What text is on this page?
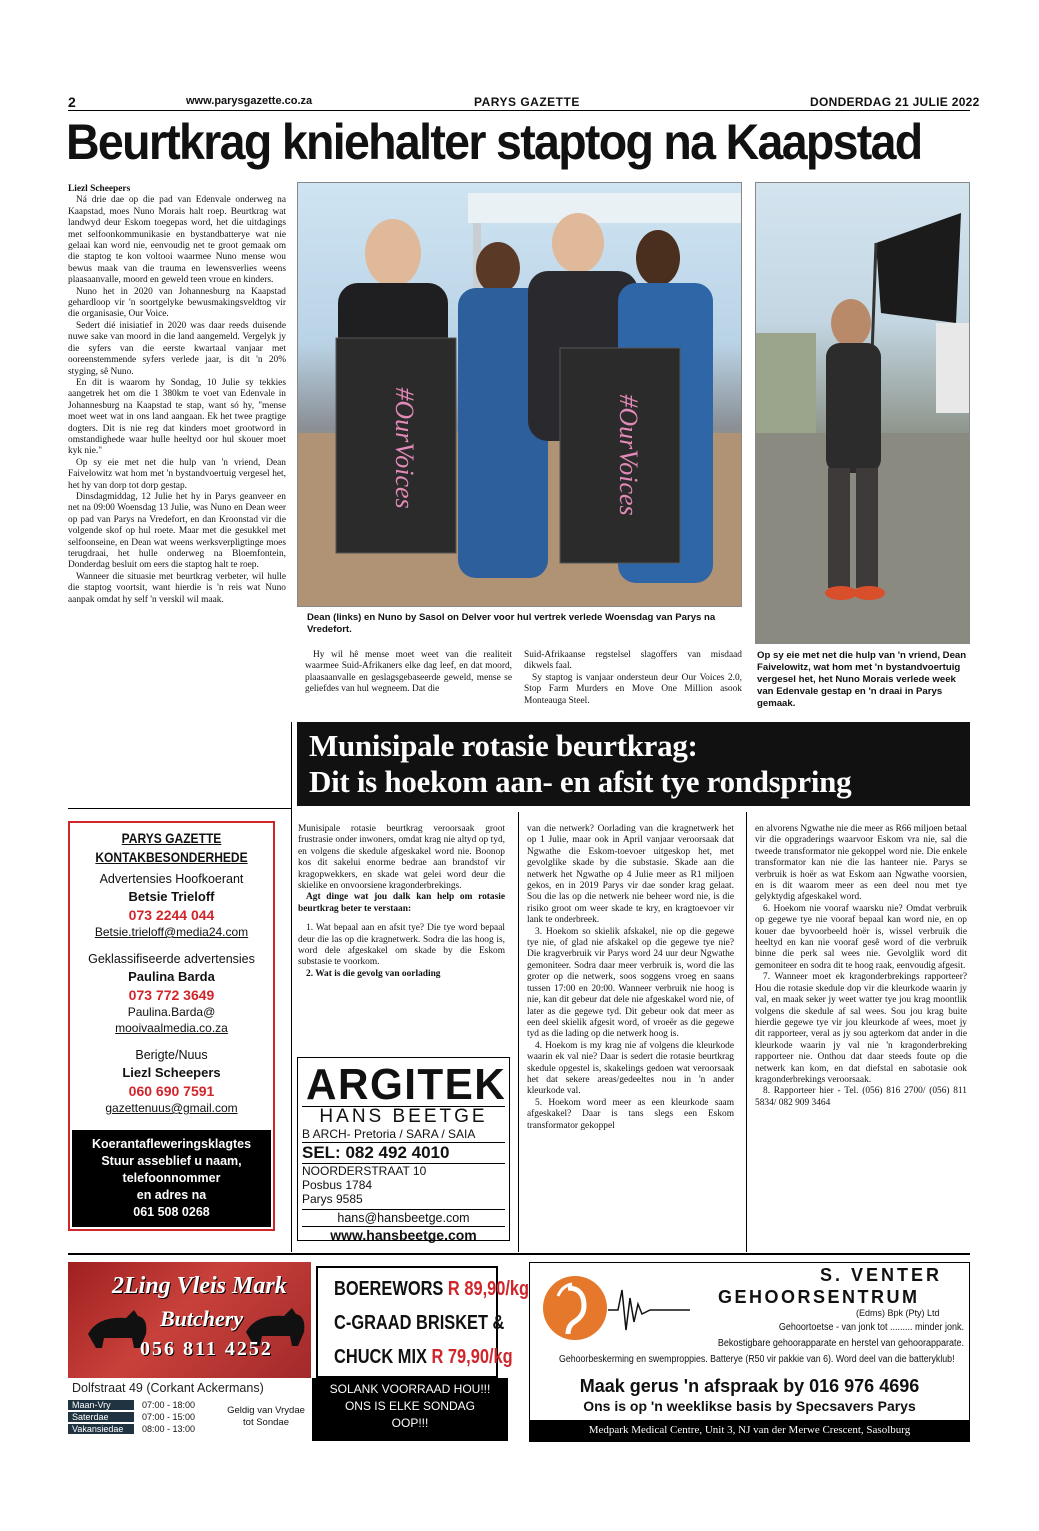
2	www.parysgazette.co.za	PARYS GAZETTE	DONDERDAG 21 JULIE 2022
Beurtkrag kniehalter staptog na Kaapstad

Liezl Scheepers

Ná drie dae op die pad van Edenvale onderweg na Kaapstad, moes Nuno Morais halt roep. Beurtkrag wat landwyd deur Eskom toegepas word, het die uitdagings met selfoonkommunikasie en bystandbatterye wat nie gelaai kan word nie, eenvoudig net te groot gemaak om die staptog te kon voltooi waarmee Nuno mense wou bewus maak van die trauma en lewensverlies weens plaasaanvalle, moord en geweld teen vroue en kinders.

Nuno het in 2020 van Johannesburg na Kaapstad gehardloop vir 'n soortgelyke bewusmakingsveldtog vir die organisasie, Our Voice.

Sedert dié inisiatief in 2020 was daar reeds duisende nuwe sake van moord in die land aangemeld. Vergelyk jy die syfers van die eerste kwartaal vanjaar met ooreenstemmende syfers verlede jaar, is dit 'n 20% styging, sê Nuno.

En dit is waarom hy Sondag, 10 Julie sy tekkies aangetrek het om die 1 380km te voet van Edenvale in Johannesburg na Kaapstad te stap, want só hy, "mense moet weet wat in ons land aangaan. Ek het twee pragtige dogters. Dit is nie reg dat kinders moet grootword in omstandighede waar hulle heeltyd oor hul skouer moet kyk nie."

Op sy eie met net die hulp van 'n vriend, Dean Faivelowitz wat hom met 'n bystandvoertuig vergesel het, het hy van dorp tot dorp gestap.

Dinsdagmiddag, 12 Julie het hy in Parys geanveer en net na 09:00 Woensdag 13 Julie, was Nuno en Dean weer op pad van Parys na Vredefort, en dan Kroonstad vir die volgende skof op hul roete. Maar met die gesukkel met selfoonseine, en Dean wat weens werksverpligtinge moes terugdraai, het hulle onderweg na Bloemfontein, Donderdag besluit om eers die staptog halt te roep.

Wanneer die situasie met beurtkrag verbeter, wil hulle die staptog voortsit, want hierdie is 'n reis wat Nuno aanpak omdat hy self 'n verskil wil maak.

#OurVoices	#OurVoices
Dean (links) en Nuno by Sasol on Delver voor hul vertrek verlede Woensdag van Parys na Vredefort.
Op sy eie met net die hulp van 'n vriend, Dean Faivelowitz, wat hom met 'n bystandvoertuig vergesel het, het Nuno Morais verlede week van Edenvale gestap en 'n draai in Parys gemaak.

Hy wil hê mense moet weet van die realiteit waarmee Suid-Afrikaners elke dag leef, en dat moord, plaasaanvalle en geslagsgebaseerde geweld, mense se geliefdes van hul wegneem. Dat die

Suid-Afrikaanse regstelsel slagoffers van misdaad dikwels faal.

Sy staptog is vanjaar ondersteun deur Our Voices 2.0, Stop Farm Murders en Move One Million asook Monteauga Steel.

Munisipale rotasie beurtkrag:
Dit is hoekom aan- en afsit tye rondspring
PARYS GAZETTE
KONTAKBESONDERHEDE
Advertensies Hoofkoerant
Betsie Trieloff
073 2244 044
Betsie.trieloff@media24.com
Geklassifiseerde advertensies
Paulina Barda
073 772 3649
Paulina.Barda@
mooivaalmedia.co.za
Berigte/Nuus
Liezl Scheepers
060 690 7591
gazettenuus@gmail.com
Koerantafleweringsklagtes
Stuur asseblief u naam,
telefoonnommer
en adres na
061 508 0268

Munisipale rotasie beurtkrag veroorsaak groot frustrasie onder inwoners, omdat krag nie altyd op tyd, en volgens die skedule afgeskakel word nie. Boonop kos dit sakelui enorme bedrae aan brandstof vir kragopwekkers, en skade wat gelei word deur die skielike en onvoorsiene kragonderbrekings.

Agt dinge wat jou dalk kan help om rotasie beurtkrag beter te verstaan:

1. Wat bepaal aan en afsit tye? Die tye word bepaal deur die las op die kragnetwerk. Sodra die las hoog is, word dele afgeskakel om skade by die Eskom substasie te voorkom.

2. Wat is die gevolg van oorlading

van die netwerk? Oorlading van die kragnetwerk het op 1 Julie, maar ook in April vanjaar veroorsaak dat Ngwathe die Eskom-toevoer uitgeskop het, met gevolglike skade by die substasie. Skade aan die netwerk het Ngwathe op 4 Julie meer as R1 miljoen gekos, en in 2019 Parys vir dae sonder krag gelaat. Sou die las op die netwerk nie beheer word nie, is die risiko groot om weer skade te kry, en kragtoevoer vir lank te onderbreek.

3. Hoekom so skielik afskakel, nie op die gegewe tye nie, of glad nie afskakel op die gegewe tye nie? Die kragverbruik vir Parys word 24 uur deur Ngwathe gemoniteer. Sodra daar meer verbruik is, word die las groter op die netwerk, soos soggens vroeg en saans tussen 17:00 en 20:00. Wanneer verbruik nie hoog is nie, kan dit gebeur dat dele nie afgeskakel word nie, of later as die gegewe tyd. Dit gebeur ook dat meer as een deel skielik afgesit word, of vroeër as die gegewe tyd as die lading op die netwerk hoog is.

4. Hoekom is my krag nie af volgens die kleurkode waarin ek val nie? Daar is sedert die rotasie beurtkrag skedule opgestel is, skakelings gedoen wat veroorsaak het dat sekere areas/gedeeltes nou in 'n ander kleurkode val.

5. Hoekom word meer as een kleurkode saam afgeskakel? Daar is tans slegs een Eskom transformator gekoppel

en alvorens Ngwathe nie die meer as R66 miljoen betaal vir die opgraderings waarvoor Eskom vra nie, sal die tweede transformator nie gekoppel word nie. Die enkele transformator kan nie die las hanteer nie. Parys se verbruik is hoër as wat Eskom aan Ngwathe voorsien, en is dit waarom meer as een deel nou met tye gelyktydig afgeskakel word.

6. Hoekom nie vooraf waarsku nie? Omdat verbruik op gegewe tye nie vooraf bepaal kan word nie, en op kouer dae byvoorbeeld hoër is, wissel verbruik die heeltyd en kan nie vooraf gesê word of die verbruik binne die perk sal wees nie. Gevolglik word dit gemoniteer en sodra dit te hoog raak, eenvoudig afgesit.

7. Wanneer moet ek kragonderbrekings rapporteer? Hou die rotasie skedule dop vir die kleurkode waarin jy val, en maak seker jy weet watter tye jou krag moontlik volgens die skedule af sal wees. Sou jou krag buite hierdie gegewe tye vir jou kleurkode af wees, moet jy dit rapporteer, veral as jy sou agterkom dat ander in die kleurkode waarin jy val nie 'n kragonderbreking rapporteer nie. Onthou dat daar steeds foute op die netwerk kan kom, en dat diefstal en sabotasie ook kragonderbrekings veroorsaak.

8. Rapporteer hier - Tel. (056) 816 2700/ (056) 811 5834/ 082 909 3464

ARGITEK
HANS BEETGE
B ARCH- Pretoria / SARA / SAIA
SEL: 082 492 4010
NOORDERSTRAAT 10
Posbus 1784
Parys 9585
hans@hansbeetge.com
www.hansbeetge.com
2Ling Vleis Mark
Butchery
056 811 4252
Dolfstraat 49 (Corkant Ackermans)
Maan-Vry	07:00 - 18:00
Saterdae	07:00 - 15:00
Vakansiedae	08:00 - 13:00
Geldig van Vrydae tot Sondae
BOEREWORS R 89,90/kg
C-GRAAD BRISKET &
CHUCK MIX R 79,90/kg
SOLANK VOORRAAD HOU!!!
ONS IS ELKE SONDAG
OOP!!!
S. VENTER
GEHOORSENTRUM
(Edms) Bpk (Pty) Ltd
Gehoortoetse - van jonk tot ......... minder jonk.
Bekostigbare gehoorapparate en herstel van gehoorapparate.
Gehoorbeskerming en swemproppies. Batterye (R50 vir pakkie van 6). Word deel van die batteryklub!
Maak gerus 'n afspraak by 016 976 4696
Ons is op 'n weeklikse basis by Specsavers Parys
Medpark Medical Centre, Unit 3, NJ van der Merwe Crescent, Sasolburg
